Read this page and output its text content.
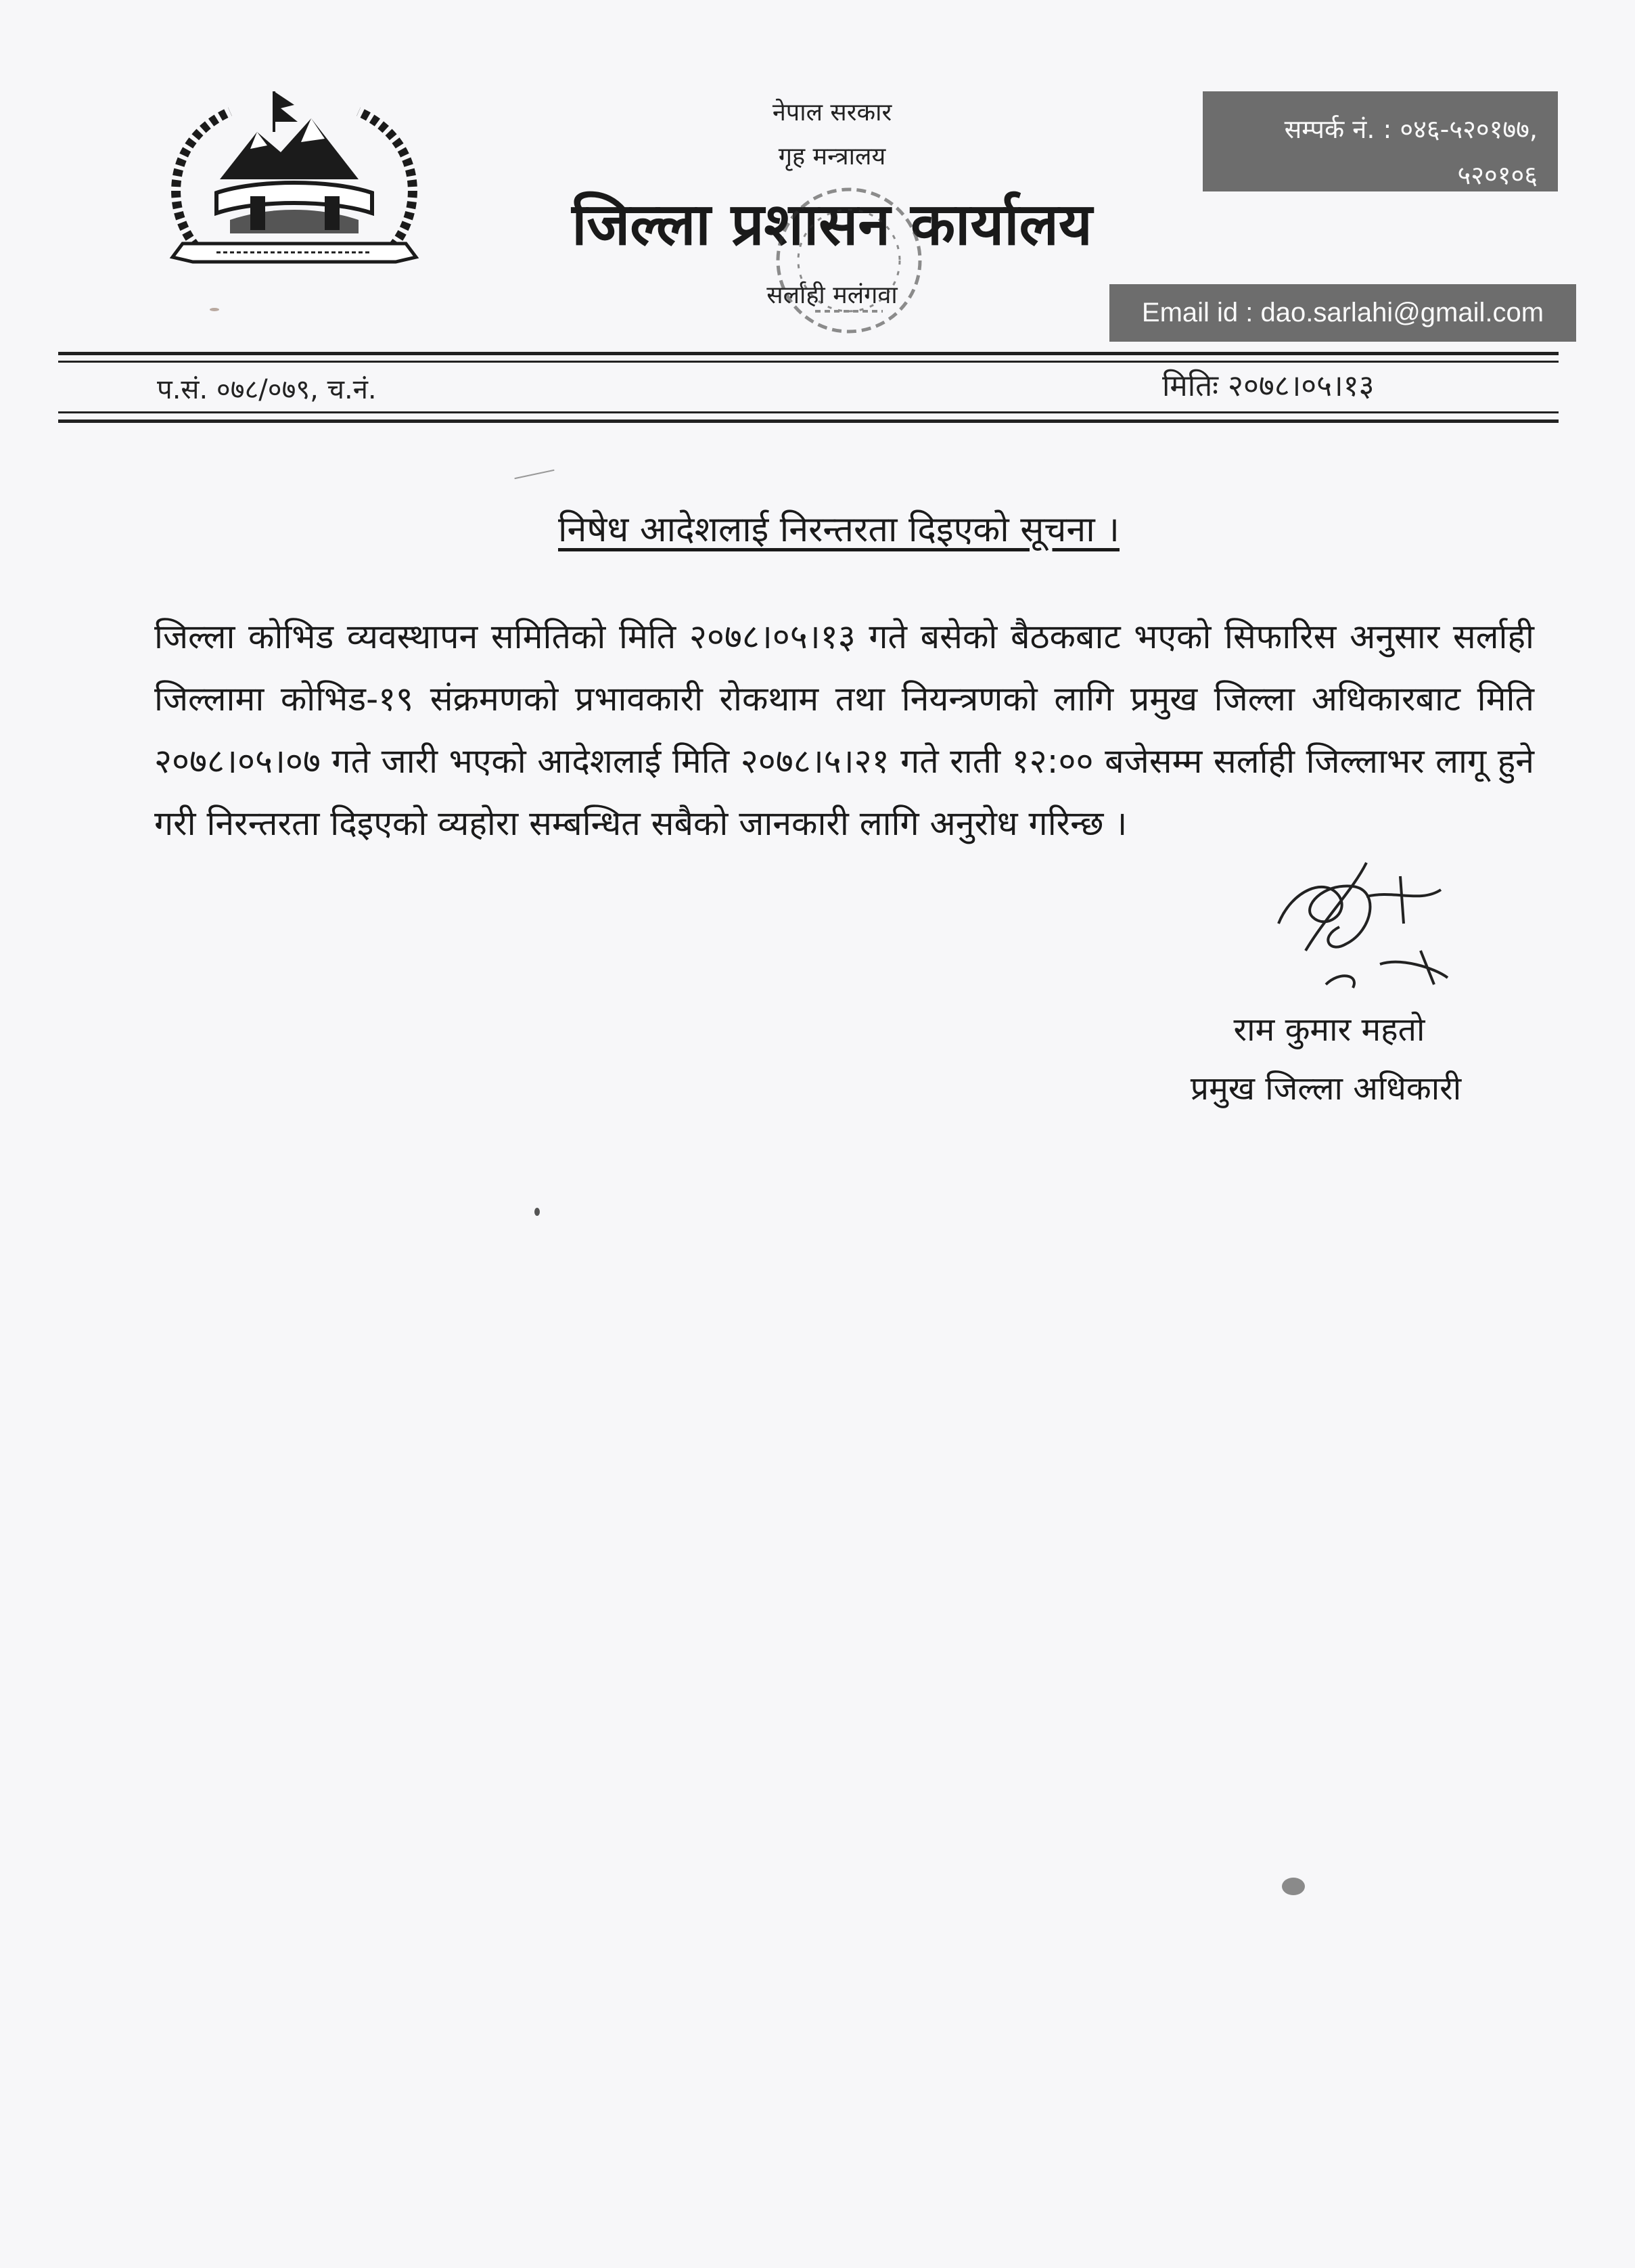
नेपाल सरकार
गृह मन्त्रालय
जिल्ला प्रशासन कार्यालय
सर्लाही मलंगवा
सम्पर्क नं. : ०४६-५२०१७७,
५२०१०६
Email id : dao.sarlahi@gmail.com
प.सं. ०७८/०७९, च.नं.	मितिः २०७८।०५।१३
निषेध आदेशलाई निरन्तरता दिइएको सूचना ।
जिल्ला कोभिड व्यवस्थापन समितिको मिति २०७८।०५।१३ गते बसेको बैठकबाट भएको सिफारिस अनुसार सर्लाही जिल्लामा कोभिड-१९ संक्रमणको प्रभावकारी रोकथाम तथा नियन्त्रणको लागि प्रमुख जिल्ला अधिकारबाट मिति २०७८।०५।०७ गते जारी भएको आदेशलाई मिति २०७८।५।२१ गते राती १२:०० बजेसम्म सर्लाही जिल्लाभर लागू हुने गरी निरन्तरता दिइएको व्यहोरा सम्बन्धित सबैको जानकारी लागि अनुरोध गरिन्छ ।
राम कुमार महतो
प्रमुख जिल्ला अधिकारी
